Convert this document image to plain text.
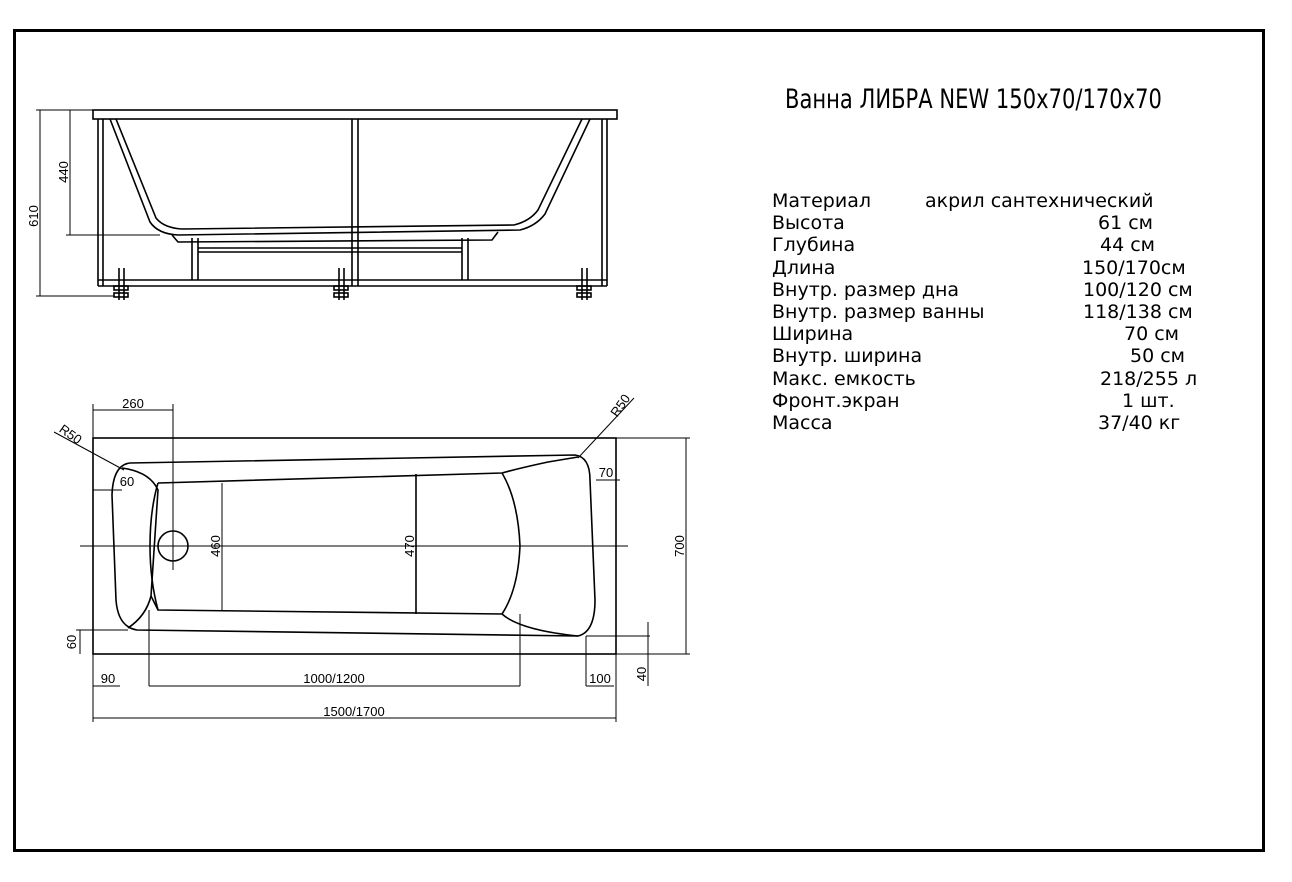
610
440
260
R50
R50
60
70
460	470	700
60
90	1000/1200	100 40
1500/1700
Ванна ЛИБРА NEW 150x70/170x70
Материал	акрил сантехнический
Высота	61 см
Глубина	44 см
Длина	150/170см
Внутр. размер дна	100/120 см
Внутр. размер ванны	118/138 см
Ширина	70 см
Внутр. ширина	50 см
Макс. емкость	218/255 л
Фронт.экран	1 шт.
Масса	37/40 кг
